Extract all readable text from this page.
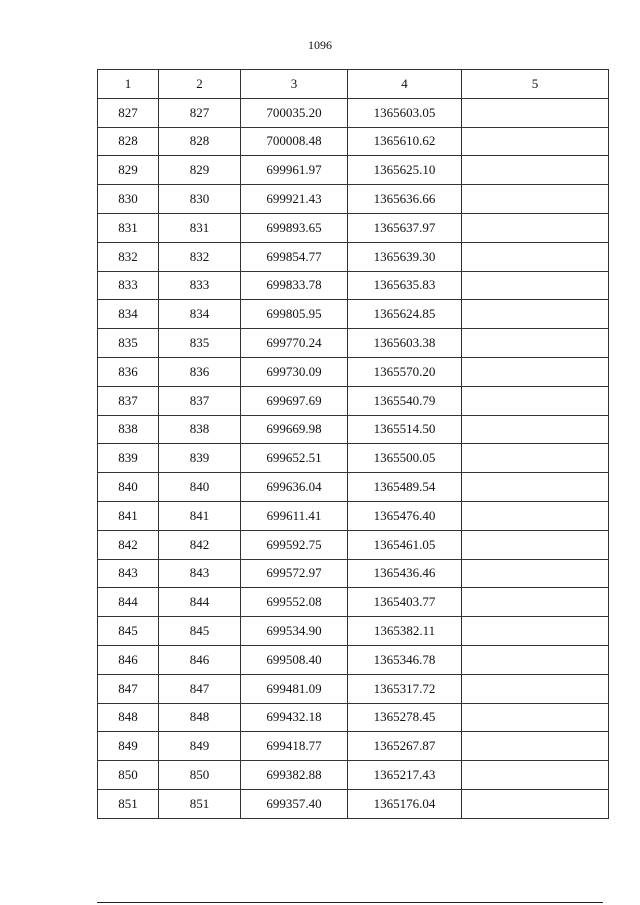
1096
1	2	3	4	5
827	827	700035.20	1365603.05	
828	828	700008.48	1365610.62	
829	829	699961.97	1365625.10	
830	830	699921.43	1365636.66	
831	831	699893.65	1365637.97	
832	832	699854.77	1365639.30	
833	833	699833.78	1365635.83	
834	834	699805.95	1365624.85	
835	835	699770.24	1365603.38	
836	836	699730.09	1365570.20	
837	837	699697.69	1365540.79	
838	838	699669.98	1365514.50	
839	839	699652.51	1365500.05	
840	840	699636.04	1365489.54	
841	841	699611.41	1365476.40	
842	842	699592.75	1365461.05	
843	843	699572.97	1365436.46	
844	844	699552.08	1365403.77	
845	845	699534.90	1365382.11	
846	846	699508.40	1365346.78	
847	847	699481.09	1365317.72	
848	848	699432.18	1365278.45	
849	849	699418.77	1365267.87	
850	850	699382.88	1365217.43	
851	851	699357.40	1365176.04	
